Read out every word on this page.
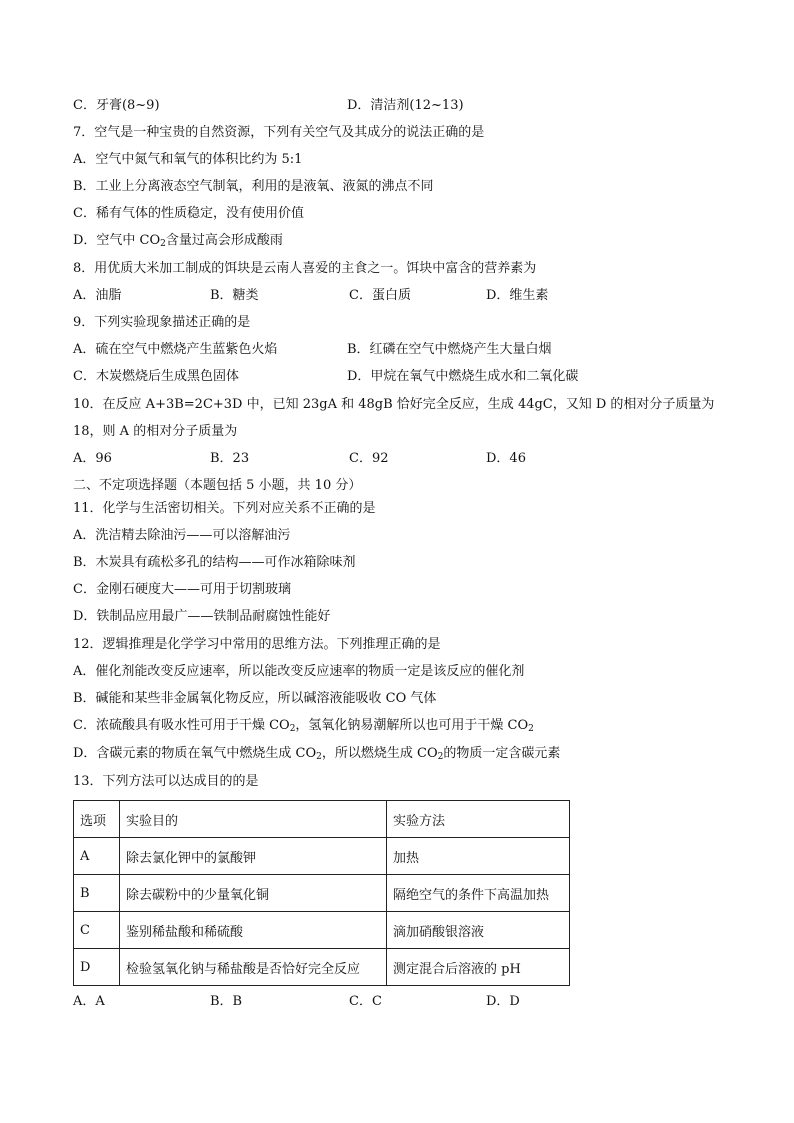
C．牙膏(8~9)	D．清洁剂(12~13)
7．空气是一种宝贵的自然资源，下列有关空气及其成分的说法正确的是
A．空气中氮气和氧气的体积比约为 5:1
B．工业上分离液态空气制氧，利用的是液氧、液氮的沸点不同
C．稀有气体的性质稳定，没有使用价值
D．空气中 $CO_2$含量过高会形成酸雨
8．用优质大米加工制成的饵块是云南人喜爱的主食之一。饵块中富含的营养素为
A．油脂	B．糖类	C．蛋白质	D．维生素
9．下列实验现象描述正确的是
A．硫在空气中燃烧产生蓝紫色火焰	B．红磷在空气中燃烧产生大量白烟
C．木炭燃烧后生成黑色固体	D．甲烷在氧气中燃烧生成水和二氧化碳
10．在反应 A+3B=2C+3D 中，已知 23gA 和 48gB 恰好完全反应，生成 44gC，又知 D 的相对分子质量为
18，则 A 的相对分子质量为
A．96	B．23	C．92	D．46
二、不定项选择题（本题包括 5 小题，共 10 分）
11．化学与生活密切相关。下列对应关系不正确的是
A．洗洁精去除油污——可以溶解油污
B．木炭具有疏松多孔的结构——可作冰箱除味剂
C．金刚石硬度大——可用于切割玻璃
D．铁制品应用最广——铁制品耐腐蚀性能好
12．逻辑推理是化学学习中常用的思维方法。下列推理正确的是
A．催化剂能改变反应速率，所以能改变反应速率的物质一定是该反应的催化剂
B．碱能和某些非金属氧化物反应，所以碱溶液能吸收 CO 气体
C．浓硫酸具有吸水性可用于干燥 $CO_2$，氢氧化钠易潮解所以也可用于干燥 $CO_2$
D．含碳元素的物质在氧气中燃烧生成 $CO_2$，所以燃烧生成 $CO_2$的物质一定含碳元素
13．下列方法可以达成目的的是
选项	实验目的	实验方法
A	除去氯化钾中的氯酸钾	加热
B	除去碳粉中的少量氧化铜	隔绝空气的条件下高温加热
C	鉴别稀盐酸和稀硫酸	滴加硝酸银溶液
D	检验氢氧化钠与稀盐酸是否恰好完全反应	测定混合后溶液的 pH
A．A	B．B	C．C	D．D
